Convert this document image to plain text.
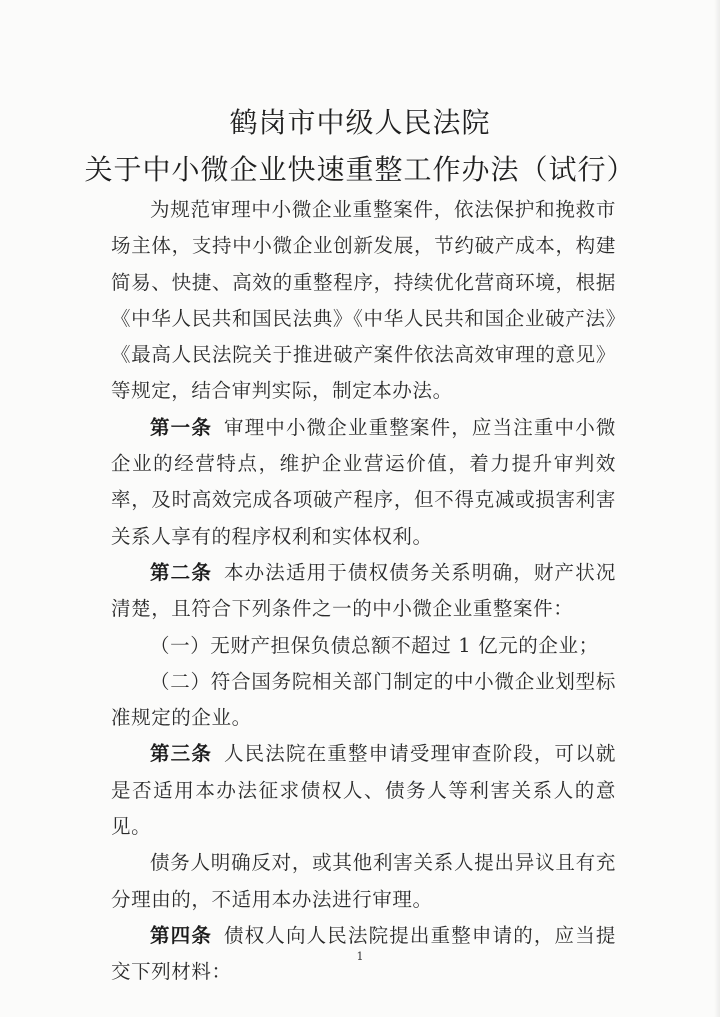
鹤岗市中级人民法院
关于中小微企业快速重整工作办法（试行）

为规范审理中小微企业重整案件，依法保护和挽救市场主体，支持中小微企业创新发展，节约破产成本，构建简易、快捷、高效的重整程序，持续优化营商环境，根据《中华人民共和国民法典》《中华人民共和国企业破产法》《最高人民法院关于推进破产案件依法高效审理的意见》等规定，结合审判实际，制定本办法。

第一条 审理中小微企业重整案件，应当注重中小微企业的经营特点，维护企业营运价值，着力提升审判效率，及时高效完成各项破产程序，但不得克减或损害利害关系人享有的程序权利和实体权利。

第二条 本办法适用于债权债务关系明确，财产状况清楚，且符合下列条件之一的中小微企业重整案件：

（一）无财产担保负债总额不超过 1 亿元的企业；

（二）符合国务院相关部门制定的中小微企业划型标准规定的企业。

第三条 人民法院在重整申请受理审查阶段，可以就是否适用本办法征求债权人、债务人等利害关系人的意见。

债务人明确反对，或其他利害关系人提出异议且有充分理由的，不适用本办法进行审理。

第四条 债权人向人民法院提出重整申请的，应当提交下列材料：

1
